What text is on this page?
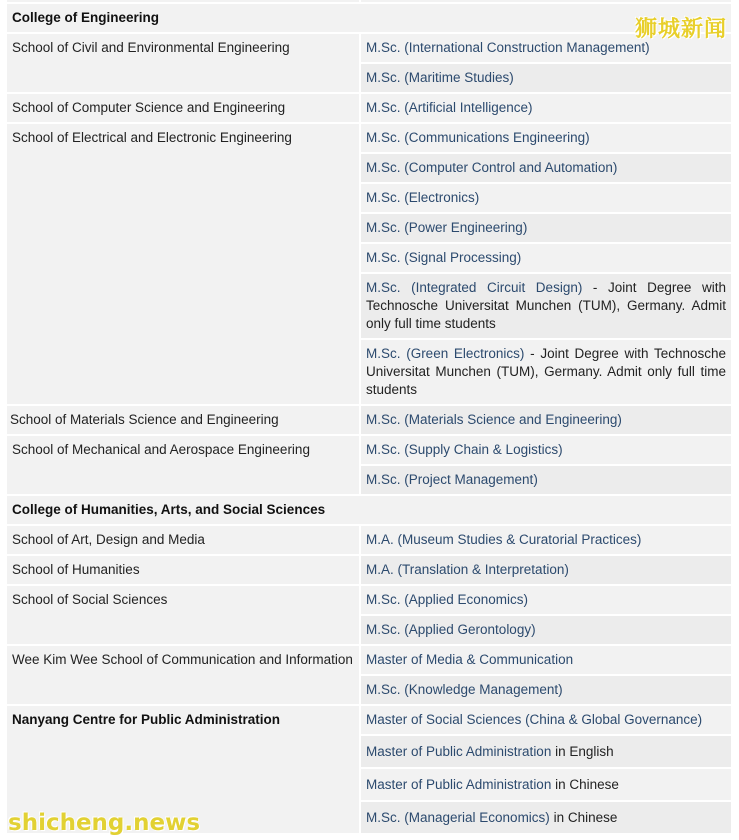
College of Engineering	
School of Civil and Environmental Engineering	M.Sc. (International Construction Management)
	M.Sc. (Maritime Studies)
School of Computer Science and Engineering	M.Sc. (Artificial Intelligence)
School of Electrical and Electronic Engineering	M.Sc. (Communications Engineering)
	M.Sc. (Computer Control and Automation)
	M.Sc. (Electronics)
	M.Sc. (Power Engineering)
	M.Sc. (Signal Processing)
	M.Sc. (Integrated Circuit Design) - Joint Degree with Technosche Universitat Munchen (TUM), Germany. Admit only full time students
	M.Sc. (Green Electronics) - Joint Degree with Technosche Universitat Munchen (TUM), Germany. Admit only full time students
School of Materials Science and Engineering	M.Sc. (Materials Science and Engineering)
School of Mechanical and Aerospace Engineering	M.Sc. (Supply Chain & Logistics)
	M.Sc. (Project Management)
College of Humanities, Arts, and Social Sciences	
School of Art, Design and Media	M.A. (Museum Studies & Curatorial Practices)
School of Humanities	M.A. (Translation & Interpretation)
School of Social Sciences	M.Sc. (Applied Economics)
	M.Sc. (Applied Gerontology)
Wee Kim Wee School of Communication and Information	Master of Media & Communication
	M.Sc. (Knowledge Management)
Nanyang Centre for Public Administration	Master of Social Sciences (China & Global Governance)
	Master of Public Administration in English
	Master of Public Administration in Chinese
	M.Sc. (Managerial Economics) in Chinese
狮城新闻
shicheng.news
